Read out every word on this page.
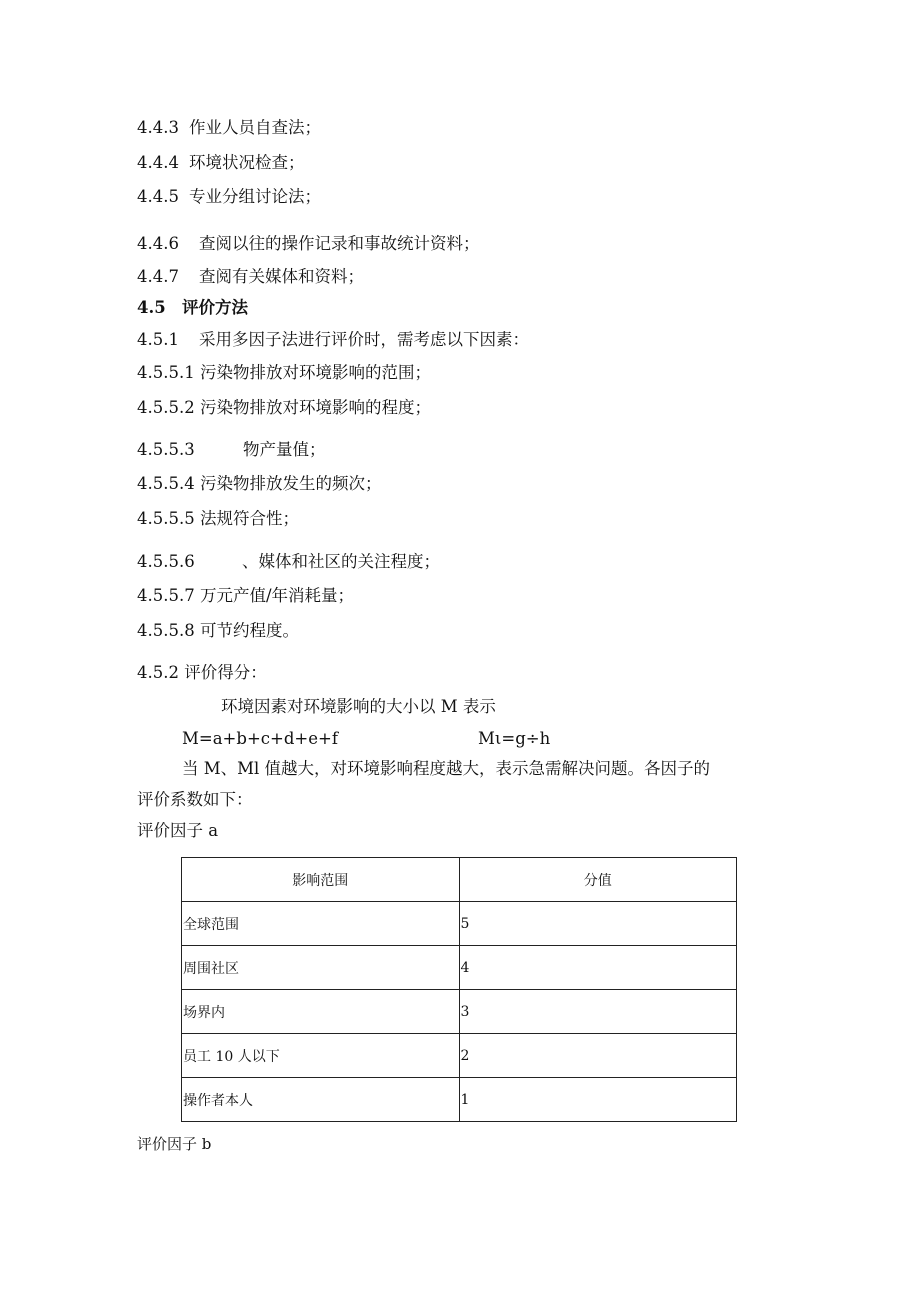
4.4.3 作业人员自查法；
4.4.4 环境状况检查；
4.4.5 专业分组讨论法；
4.4.6 查阅以往的操作记录和事故统计资料；
4.4.7 查阅有关媒体和资料；
4.5 评价方法
4.5.1 采用多因子法进行评价时，需考虑以下因素：
4.5.5.1 污染物排放对环境影响的范围；
4.5.5.2 污染物排放对环境影响的程度；
4.5.5.3	物产量值；
4.5.5.4 污染物排放发生的频次；
4.5.5.5 法规符合性；
4.5.5.6	、媒体和社区的关注程度；
4.5.5.7 万元产值/年消耗量；
4.5.5.8 可节约程度。
4.5.2 评价得分：
环境因素对环境影响的大小以 M 表示
M=a+b+c+d+e+f	Mι=g÷h
当 M、Ml 值越大，对环境影响程度越大，表示急需解决问题。各因子的
评价系数如下：
评价因子 a
影响范围	分值
全球范围	5
周围社区	4
场界内	3
员工 10 人以下	2
操作者本人	1
评价因子 b
